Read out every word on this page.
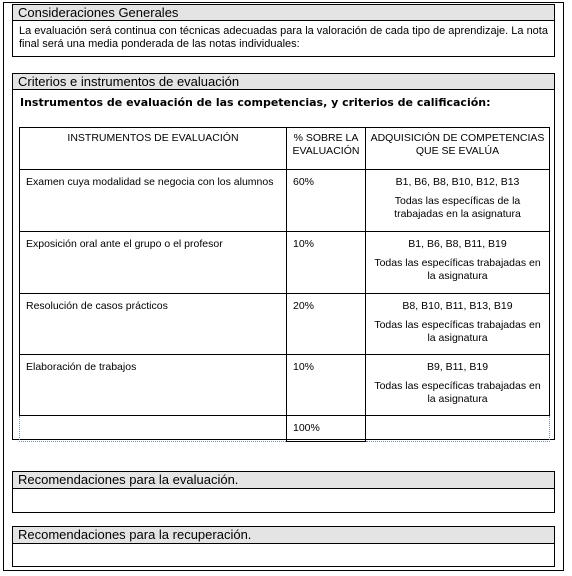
Consideraciones Generales
La evaluación será continua con técnicas adecuadas para la valoración de cada tipo de aprendizaje. La nota final será una media ponderada de las notas individuales:
Criterios e instrumentos de evaluación
Instrumentos de evaluación de las competencias, y criterios de calificación:
INSTRUMENTOS DE EVALUACIÓN	% SOBRE LA EVALUACIÓN	ADQUISICIÓN DE COMPETENCIAS QUE SE EVALÚA
Examen cuya modalidad se negocia con los alumnos	60%	B1, B6, B8, B10, B12, B13
Todas las específicas de la trabajadas en la asignatura

Exposición oral ante el grupo o el profesor	10%	B1, B6, B8, B11, B19
Todas las específicas trabajadas en la asignatura

Resolución de casos prácticos	20%	B8, B10, B11, B13, B19
Todas las específicas trabajadas en la asignatura

Elaboración de trabajos	10%	B9, B11, B19
Todas las específicas trabajadas en la asignatura

	100%	
Recomendaciones para la evaluación.
Recomendaciones para la recuperación.
